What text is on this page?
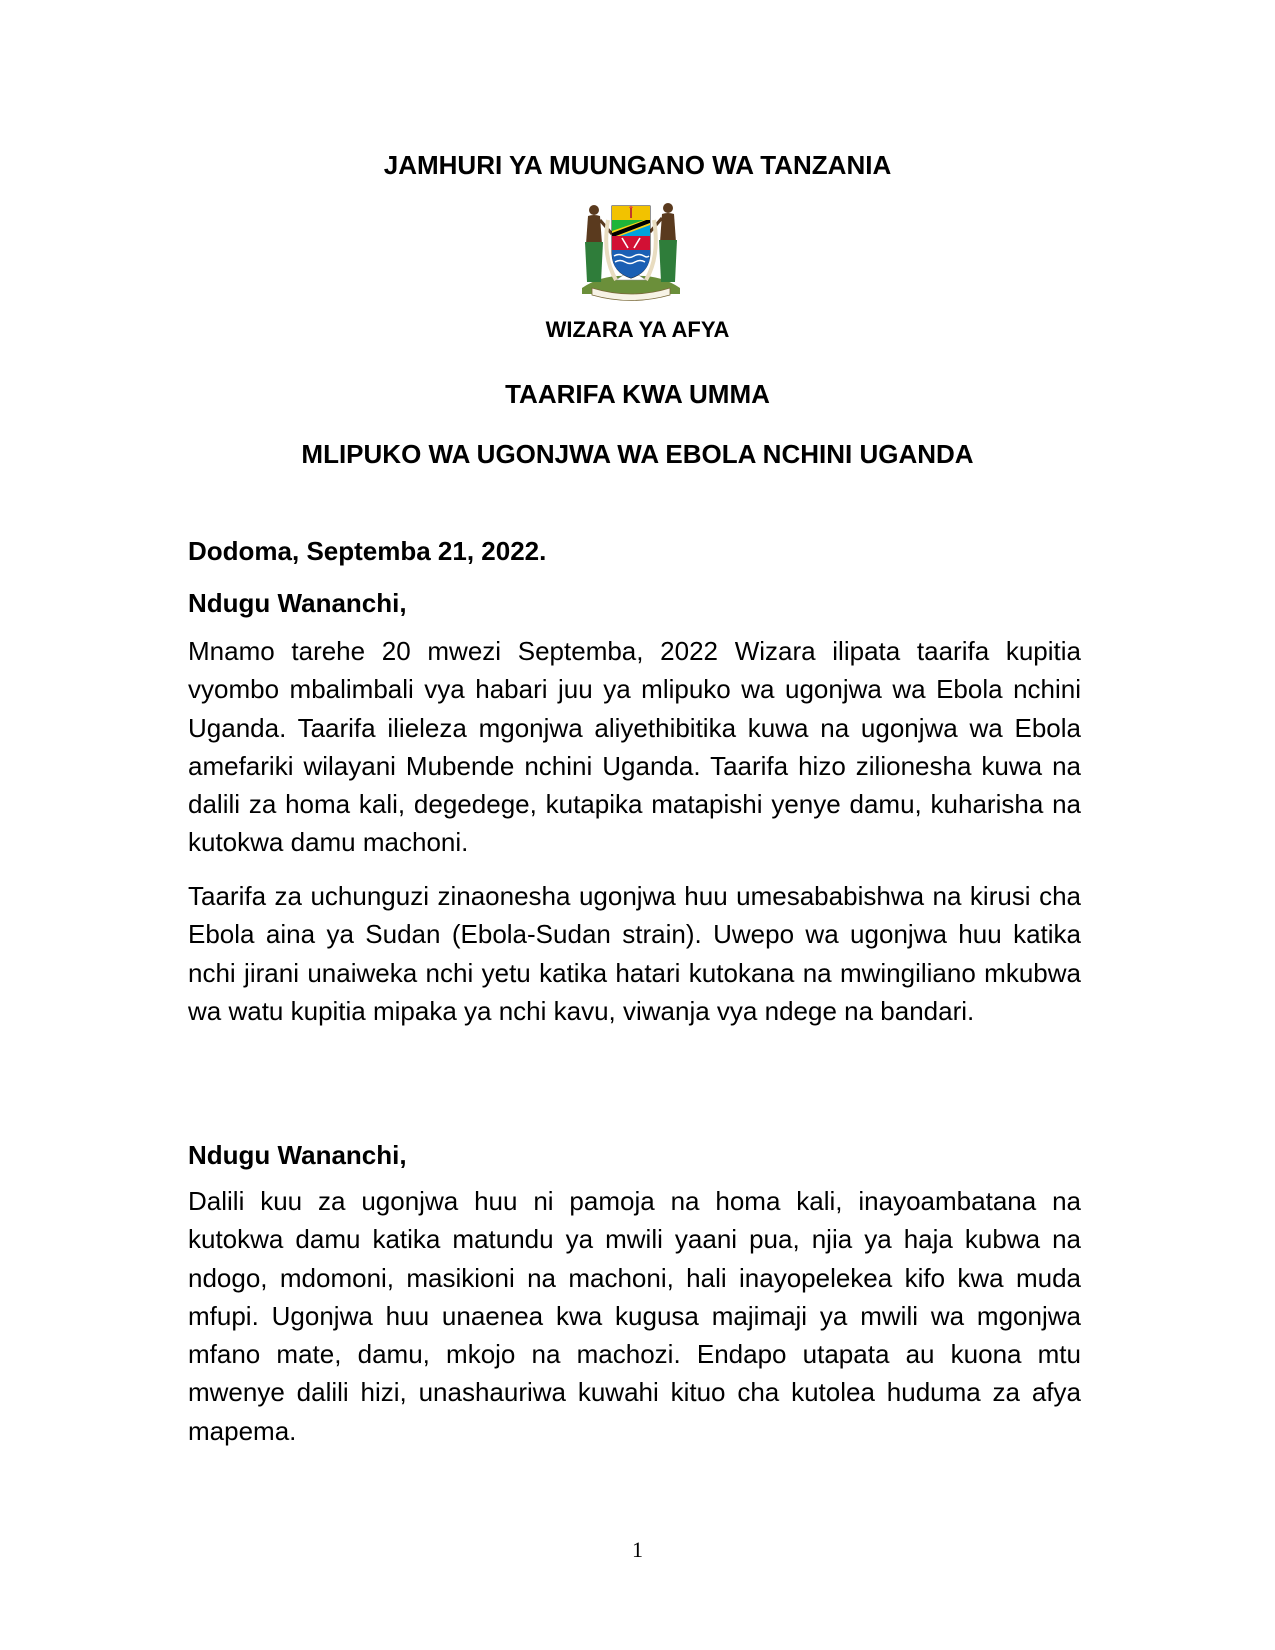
JAMHURI YA MUUNGANO WA TANZANIA
WIZARA YA AFYA
TAARIFA KWA UMMA
MLIPUKO WA UGONJWA WA EBOLA NCHINI UGANDA
Dodoma, Septemba 21, 2022.
Ndugu Wananchi,

Mnamo tarehe 20 mwezi Septemba, 2022 Wizara ilipata taarifa kupitia vyombo mbalimbali vya habari juu ya mlipuko wa ugonjwa wa Ebola nchini Uganda. Taarifa ilieleza mgonjwa aliyethibitika kuwa na ugonjwa wa Ebola amefariki wilayani Mubende nchini Uganda. Taarifa hizo zilionesha kuwa na dalili za homa kali, degedege, kutapika matapishi yenye damu, kuharisha na kutokwa damu machoni.

Taarifa za uchunguzi zinaonesha ugonjwa huu umesababishwa na kirusi cha Ebola aina ya Sudan (Ebola-Sudan strain). Uwepo wa ugonjwa huu katika nchi jirani unaiweka nchi yetu katika hatari kutokana na mwingiliano mkubwa wa watu kupitia mipaka ya nchi kavu, viwanja vya ndege na bandari.

Ndugu Wananchi,

Dalili kuu za ugonjwa huu ni pamoja na homa kali, inayoambatana na kutokwa damu katika matundu ya mwili yaani pua, njia ya haja kubwa na ndogo, mdomoni, masikioni na machoni, hali inayopelekea kifo kwa muda mfupi. Ugonjwa huu unaenea kwa kugusa majimaji ya mwili wa mgonjwa mfano mate, damu, mkojo na machozi. Endapo utapata au kuona mtu mwenye dalili hizi, unashauriwa kuwahi kituo cha kutolea huduma za afya mapema.

1
